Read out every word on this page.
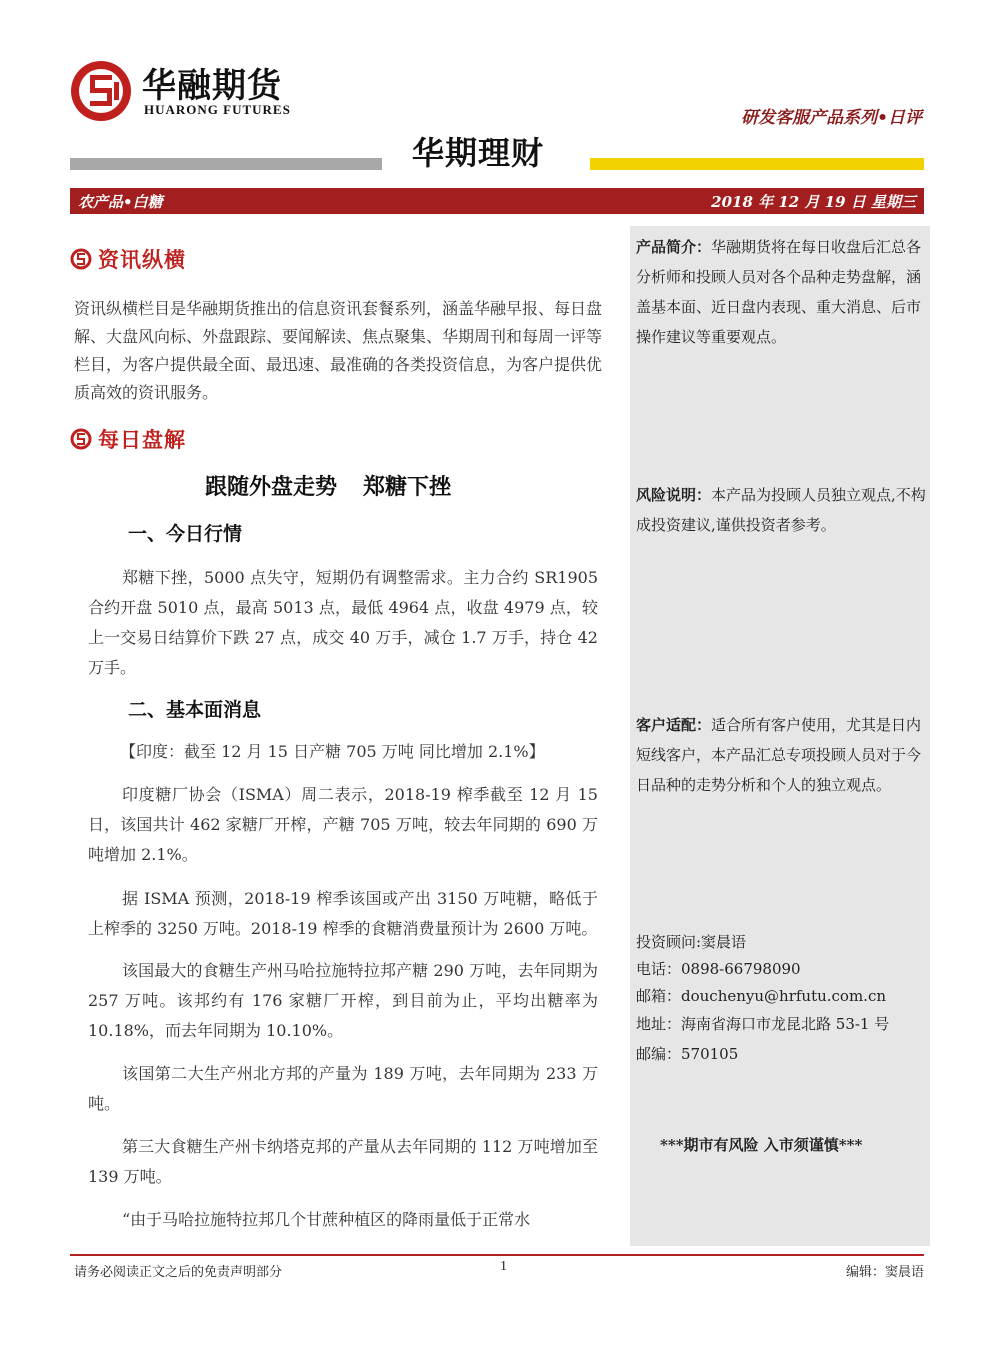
华融期货
HUARONG FUTURES	研发客服产品系列•日评
华期理财
农产品•白糖	2018 年 12 月 19 日 星期三
资讯纵横
资讯纵横栏目是华融期货推出的信息资讯套餐系列，涵盖华融早报、每日盘解、大盘风向标、外盘跟踪、要闻解读、焦点聚集、华期周刊和每周一评等栏目，为客户提供最全面、最迅速、最准确的各类投资信息，为客户提供优质高效的资讯服务。
每日盘解
跟随外盘走势 郑糖下挫
一、今日行情
郑糖下挫，5000 点失守，短期仍有调整需求。主力合约 SR1905 合约开盘 5010 点，最高 5013 点，最低 4964 点，收盘 4979 点，较上一交易日结算价下跌 27 点，成交 40 万手，减仓 1.7 万手，持仓 42 万手。
二、基本面消息
【印度：截至 12 月 15 日产糖 705 万吨 同比增加 2.1%】
印度糖厂协会（ISMA）周二表示，2018-19 榨季截至 12 月 15 日，该国共计 462 家糖厂开榨，产糖 705 万吨，较去年同期的 690 万吨增加 2.1%。
据 ISMA 预测，2018-19 榨季该国或产出 3150 万吨糖，略低于上榨季的 3250 万吨。2018-19 榨季的食糖消费量预计为 2600 万吨。
该国最大的食糖生产州马哈拉施特拉邦产糖 290 万吨，去年同期为 257 万吨。该邦约有 176 家糖厂开榨，到目前为止，平均出糖率为 10.18%，而去年同期为 10.10%。
该国第二大生产州北方邦的产量为 189 万吨，去年同期为 233 万吨。
第三大食糖生产州卡纳塔克邦的产量从去年同期的 112 万吨增加至 139 万吨。
“由于马哈拉施特拉邦几个甘蔗种植区的降雨量低于正常水
产品简介：华融期货将在每日收盘后汇总各分析师和投顾人员对各个品种走势盘解，涵盖基本面、近日盘内表现、重大消息、后市操作建议等重要观点。
风险说明：本产品为投顾人员独立观点,不构成投资建议,谨供投资者参考。
客户适配：适合所有客户使用，尤其是日内短线客户，本产品汇总专项投顾人员对于今日品种的走势分析和个人的独立观点。
投资顾问:窦晨语
电话：0898-66798090
邮箱：douchenyu@hrfutu.com.cn
地址：海南省海口市龙昆北路 53-1 号
邮编：570105
***期市有风险 入市须谨慎***
请务必阅读正文之后的免责声明部分	1	编辑：窦晨语
